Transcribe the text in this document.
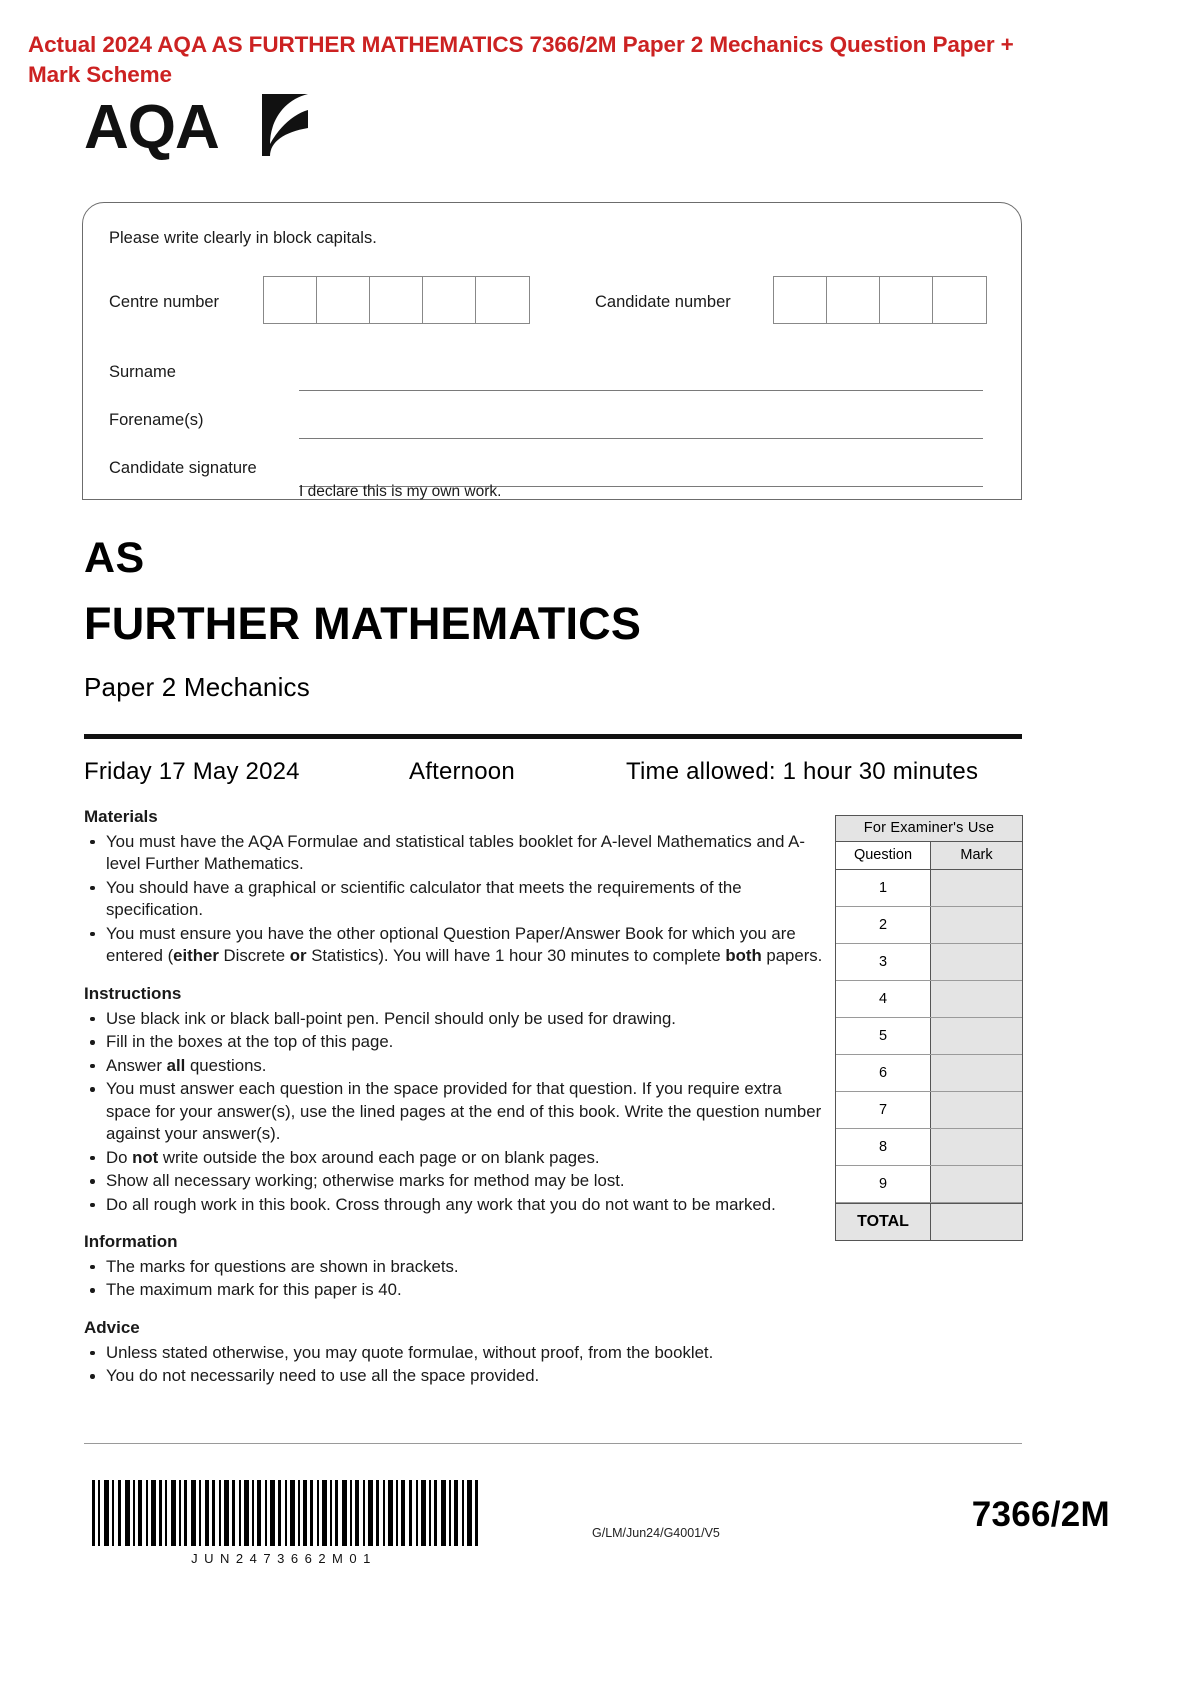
Actual 2024 AQA AS FURTHER MATHEMATICS 7366/2M Paper 2 Mechanics Question Paper + Mark Scheme
AQA
Please write clearly in block capitals.
Centre number	Candidate number
Surname
Forename(s)
Candidate signature
I declare this is my own work.
AS
FURTHER MATHEMATICS
Paper 2 Mechanics
Friday 17 May 2024	Afternoon	Time allowed: 1 hour 30 minutes
Materials
You must have the AQA Formulae and statistical tables booklet for A-level Mathematics and A-level Further Mathematics.
You should have a graphical or scientific calculator that meets the requirements of the specification.
You must ensure you have the other optional Question Paper/Answer Book for which you are entered (either Discrete or Statistics). You will have 1 hour 30 minutes to complete both papers.
Instructions
Use black ink or black ball-point pen. Pencil should only be used for drawing.
Fill in the boxes at the top of this page.
Answer all questions.
You must answer each question in the space provided for that question. If you require extra space for your answer(s), use the lined pages at the end of this book. Write the question number against your answer(s).
Do not write outside the box around each page or on blank pages.
Show all necessary working; otherwise marks for method may be lost.
Do all rough work in this book. Cross through any work that you do not want to be marked.
Information
The marks for questions are shown in brackets.
The maximum mark for this paper is 40.
Advice
Unless stated otherwise, you may quote formulae, without proof, from the booklet.
You do not necessarily need to use all the space provided.
For Examiner's Use
Question	Mark
1
2
3
4
5
6
7
8
9
TOTAL
JUN2473662M01
G/LM/Jun24/G4001/V5	7366/2M
